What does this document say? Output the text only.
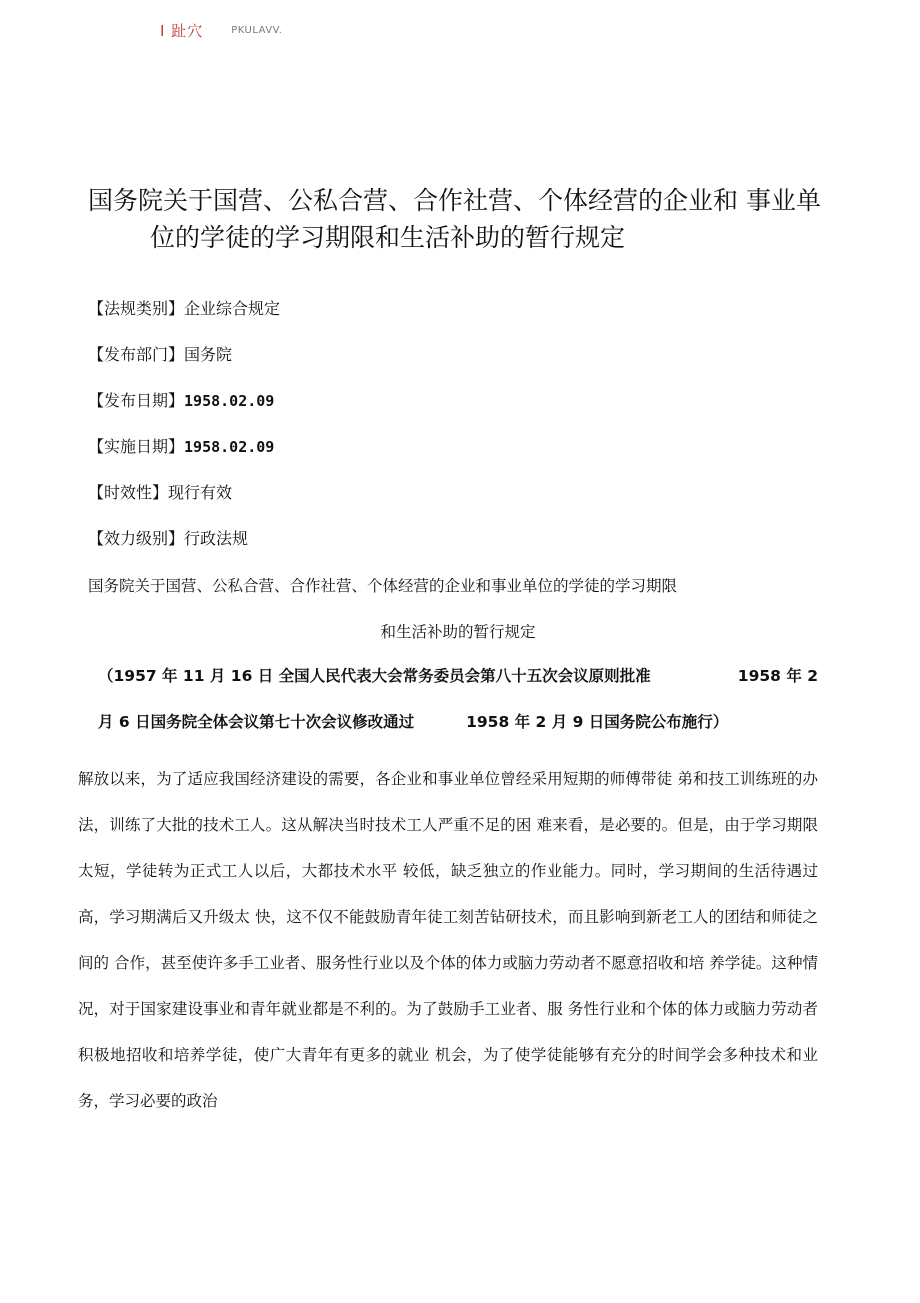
I 趾穴	PKULAVV.
国务院关于国营、公私合营、合作社营、个体经营的企业和 事业单
位的学徒的学习期限和生活补助的暂行规定
【法规类别】企业综合规定
【发布部门】国务院
【发布日期】1958.02.09
【实施日期】1958.02.09
【时效性】现行有效
【效力级别】行政法规
国务院关于国营、公私合营、合作社营、个体经营的企业和事业单位的学徒的学习期限
和生活补助的暂行规定
（1957 年 11 月 16 日 全国人民代表大会常务委员会第八十五次会议原则批准	1958 年 2
月 6 日国务院全体会议第七十次会议修改通过	1958 年 2 月 9 日国务院公布施行）

解放以来，为了适应我国经济建设的需要，各企业和事业单位曾经采用短期的师傅带徒 弟和技工训练班的办法，训练了大批的技术工人。这从解决当时技术工人严重不足的困 难来看，是必要的。但是，由于学习期限太短，学徒转为正式工人以后，大都技术水平 较低，缺乏独立的作业能力。同时，学习期间的生活待遇过高，学习期满后又升级太 快，这不仅不能鼓励青年徒工刻苦钻研技术，而且影响到新老工人的团结和师徒之间的 合作，甚至使许多手工业者、服务性行业以及个体的体力或脑力劳动者不愿意招收和培 养学徒。这种情况，对于国家建设事业和青年就业都是不利的。为了鼓励手工业者、服 务性行业和个体的体力或脑力劳动者积极地招收和培养学徒，使广大青年有更多的就业 机会，为了使学徒能够有充分的时间学会多种技术和业务，学习必要的政治
